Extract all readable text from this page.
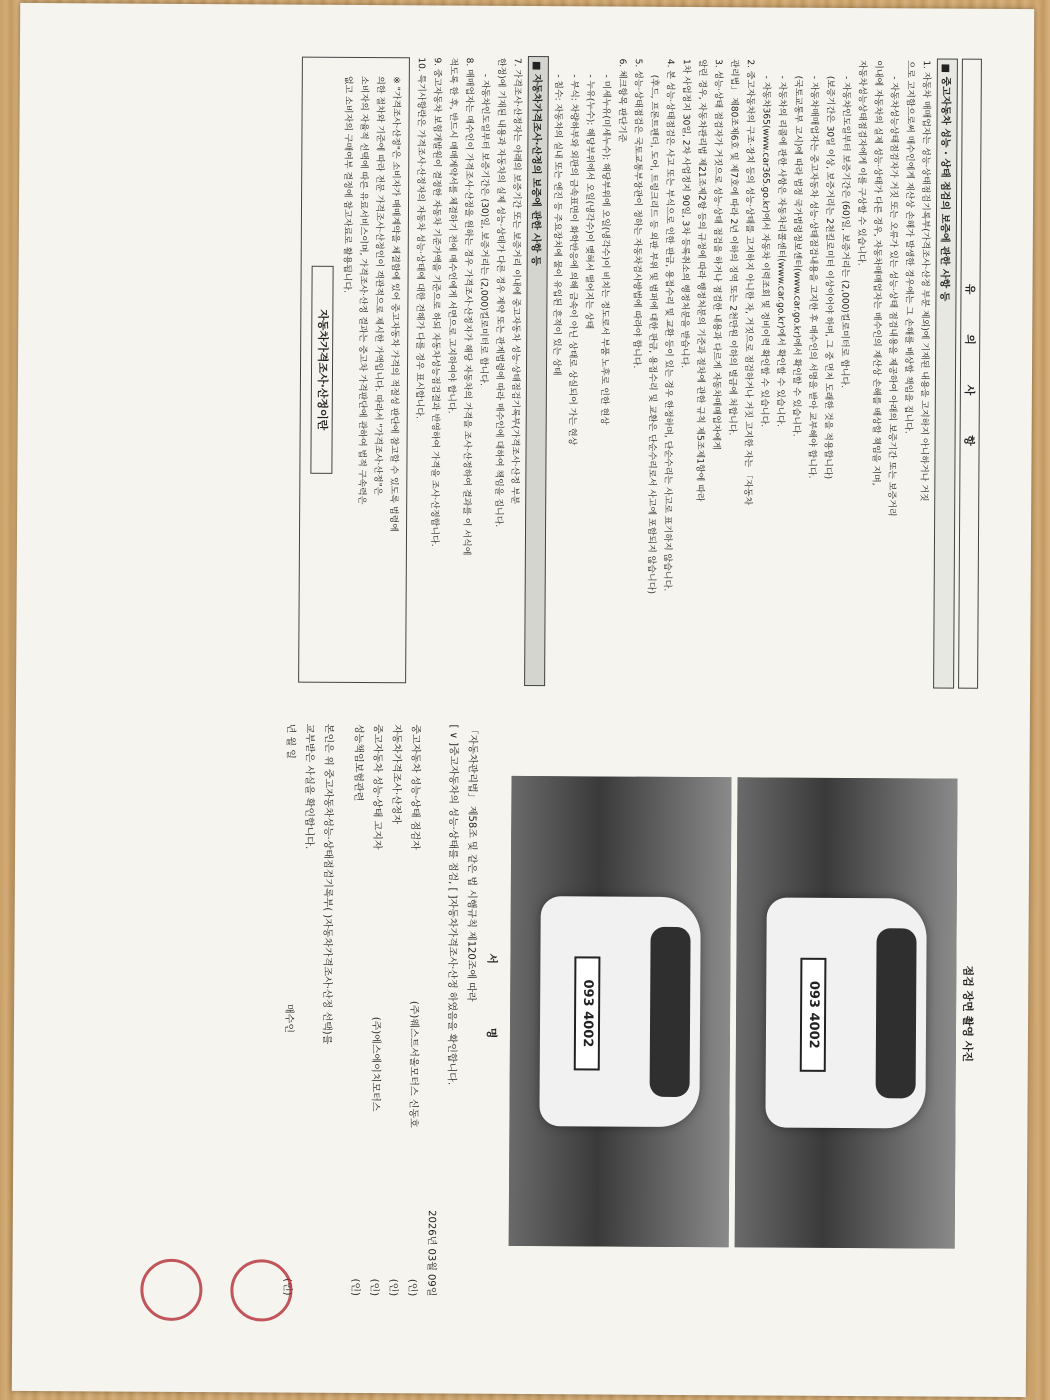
유 의 사 항
■ 중고자동차 성능 · 상태 점검의 보증에 관한 사항 등
1. 자동차 매매업자는 성능·상태점검기록부(가격조사·산정 부분 제외)에 기재된 내용을 고지하지 아니하거나 거짓
으로 고지함으로써 매수인에게 재산상 손해가 발생한 경우에는 그 손해를 배상할 책임을 집니다.
- 자동차성능상태점검자가 거짓 또는 오류가 있는 성능·상태 점검내용을 제공하여 아래의 보증기간 또는 보증거리
이내에 자동차의 실제 성능·상태가 다른 경우, 자동차매매업자는 매수인의 재산상 손해를 배상할 책임을 지며,
자동차성능상태점검자에게 이를 구상할 수 있습니다.
- 자동차인도일부터 보증기간은 (60)일, 보증거리는 (2,000)킬로미터로 합니다.
(보증기간은 30일 이상, 보증거리는 2천킬로미터 이상이어야 하며, 그 중 먼저 도래한 것을 적용합니다)
- 자동차매매업자는 중고자동차 성능·상태점검내용을 고지한 후 매수인의 서명을 받아 교부해야 합니다.
(국토교통부 고시)에 따라 법정 국가법령정보센터(www.car.go.kr)에서 확인할 수 있습니다.
- 자동차의 리콜에 관한 사항은 자동차리콜센터(www.car.go.kr)에서 확인할 수 있습니다.
- 자동차365(www.car365.go.kr)에서 자동차 이력조회 및 정비이력 확인할 수 있습니다.
2. 중고자동차의 구조·장치 등의 성능·상태를 고지하지 아니한 자, 거짓으로 점검하거나 거짓 고지한 자는 「자동차
관리법」 제80조제6호 및 제7호에 따라 2년 이하의 징역 또는 2천만원 이하의 벌금에 처합니다.
3. 성능·상태 점검자가 거짓으로 성능·상태 점검을 하거나 점검한 내용과 다르게 자동차매매업자에게
알린 경우, 자동차관리법 제21조제2항 등의 규정에 따라 행정처분의 기준과 절차에 관한 규칙 제5조제1항에 따라
1차 사업정지 30일, 2차 사업정지 90일, 3차 등록취소의 행정처분을 받습니다.
4. 본 성능·상태점검은 사고 또는 부식으로 인한 판금, 용접수리 및 교환 등이 있는 경우 한정하며, 단순수리는 사고로 표기하지 않습니다.
(후드, 프론트펜더, 도어, 트렁크리드 등 외판 부위 및 범퍼에 대한 판금, 용접수리 및 교환은 단순수리로서 사고에 포함되지 않습니다)
5. 성능·상태점검은 국토교통부장관이 정하는 자동차검사방법에 따라야 합니다.
6. 체크항목 판단기준
- 미세누유(미세누수): 해당부위에 오일(냉각수)이 비치는 정도로서 부품 노후로 인한 현상
- 누유(누수): 해당부위에서 오일(냉각수)이 맺혀서 떨어지는 상태
- 부식: 차량하부와 외판의 금속표면이 화학반응에 의해 금속이 아닌 상태로 상실되어 가는 현상
- 침수: 자동차의 실내 또는 엔진 등 주요장치에 물이 유입된 흔적이 있는 상태
■ 자동차가격조사·산정의 보증에 관한 사항 등
7. 가격조사·산정자는 아래의 보증기간 또는 보증거리 이내에 중고자동차 성능·상태점검기록부(가격조사·산정 부분
한정)에 기재된 내용과 자동차의 실제 성능·상태가 다른 경우 계약 또는 관계법령에 따라 매수인에 대하여 책임을 집니다.
- 자동차인도일부터 보증기간은 (30)일, 보증거리는 (2,000)킬로미터로 합니다.
8. 매매업자는 매수인이 가격조사·산정을 원하는 경우 가격조사·산정자가 해당 자동차의 가격을 조사·산정하여 결과를 이 서식에
적도록 한 후, 반드시 매매계약서를 체결하기 전에 매수인에게 서면으로 고지하여야 합니다.
9. 중고자동차 보험개발원이 결정한 자동차 기준가액을 기준으로 하되 자동차성능점검결과 반영하여 가격을 조사·산정합니다.
10. 특기사항란은 가격조사·산정자의 자동차 성능·상태에 대한 견해가 다를 경우 표시합니다.
※ "가격조사·산정"은 소비자가 매매계약을 체결함에 있어 중고자동차 가격의 적절성 판단에 참고할 수 있도록 법령에
의한 절차와 기준에 따라 전문 가격조사·산정인이 객관적으로 제시한 가액입니다. 따라서 "가격조사·산정"은
소비자의 자율적 선택에 따른 유료서비스이며, 가격조사·산정 결과는 중고차 가격판단에 관하여 법적 구속력은
없고 소비자의 구매여부 결정에 참고자료로 활용됩니다.
자동차가격조사·산정이란
점검 장면 촬영 사진
093 4002
093 4002
서 명
「자동차관리법」 제58조 및 같은 법 시행규칙 제120조에 따라
[ ∨ ]중고자동차의 성능·상태를 점검, [ ]자동차가격조사·산정 하였음을 확인합니다.
2026년 03월 09일
중고자동차 성능·상태 점검자
(주)웨스트서울모터스 신동호
(인)
자동차가격조사·산정자
(인)
중고자동차 성능·상태 고지자
(주)에스에이치모터스
(인)
성능책임보험관련
(인)
본인은 위 중고자동차성능·상태점검기록부( )자동차가격조사·산정 선택)를
교부받은 사실을 확인합니다.
년 월 일
매수인
(인)
